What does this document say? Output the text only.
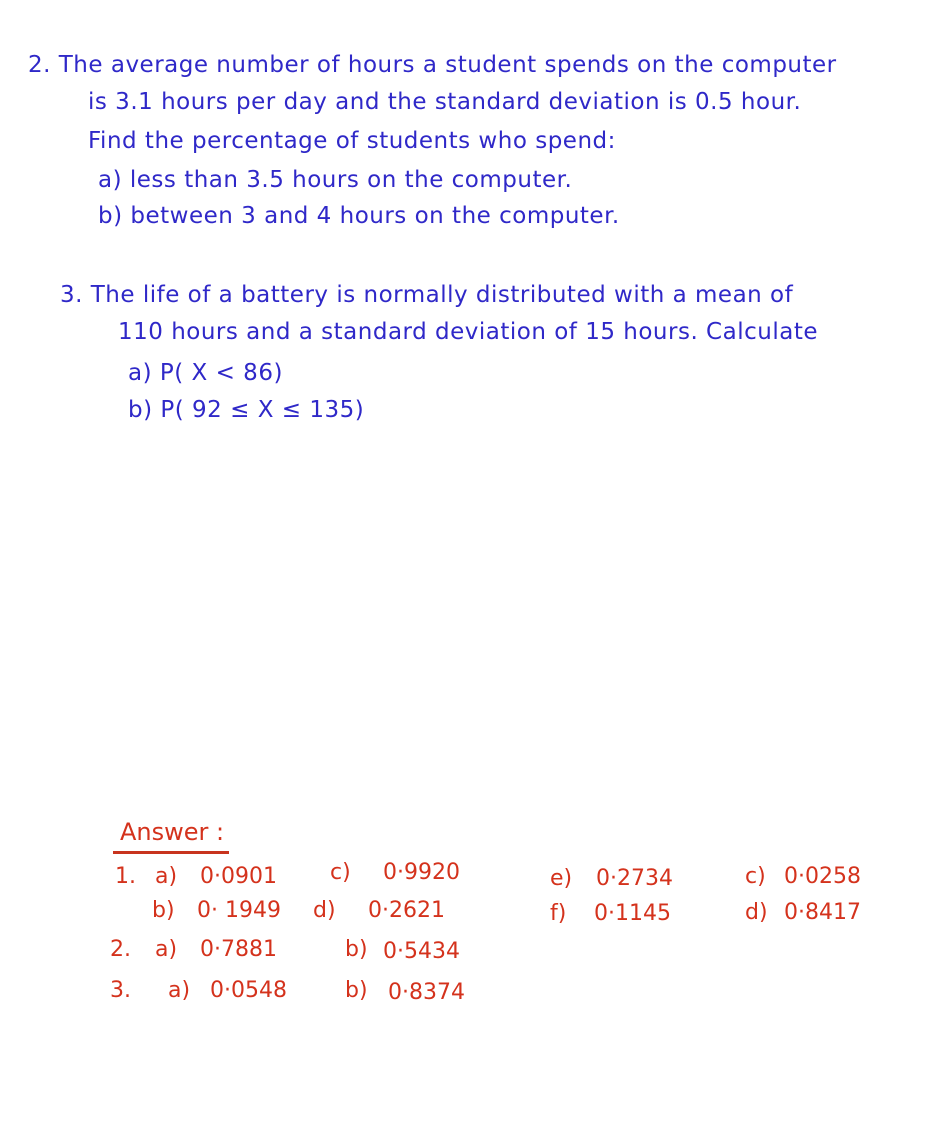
2. The average number of hours a student spends on the computer
is 3.1 hours per day and the standard deviation is 0.5 hour.
Find the percentage of students who spend:
a) less than 3.5 hours on the computer.
b) between 3 and 4 hours on the computer.
3. The life of a battery is normally distributed with a mean of
110 hours and a standard deviation of 15 hours. Calculate
a) P( X < 86)
b) P( 92 ≤ X ≤ 135)
Answer :
1. a) 0·0901
b) 0· 1949
c) 0·9920
d) 0·2621
e) 0·2734
f) 0·1145
c) 0·0258
d) 0·8417
2. a) 0·7881	b) 0·5434
3. a) 0·0548	b) 0·8374
